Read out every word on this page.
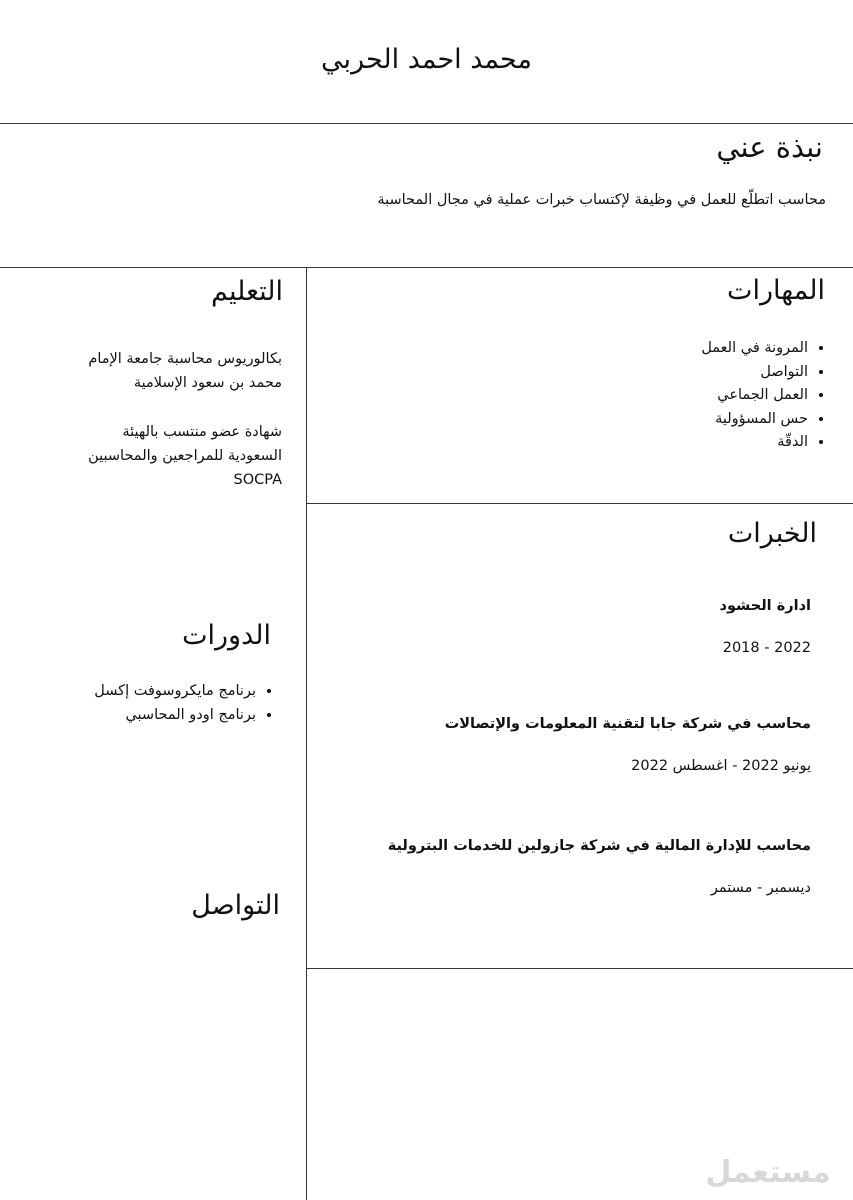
محمد احمد الحربي
نبذة عني
محاسب اتطلّع للعمل في وظيفة لإكتساب خبرات عملية في مجال المحاسبة
المهارات
• المرونة في العمل
• التواصل
• العمل الجماعي
• حس المسؤولية
• الدقّة
التعليم
بكالوريوس محاسبة جامعة الإمام
محمد بن سعود الإسلامية
شهادة عضو منتسب بالهيئة
السعودية للمراجعين والمحاسبين
SOCPA
الخبرات
ادارة الحشود
2022 - 2018
محاسب في شركة جابا لتقنية المعلومات والإتصالات
يونيو 2022 - اغسطس 2022
محاسب للإدارة المالية في شركة جازولين للخدمات البترولية
ديسمبر - مستمر
الدورات
• برنامج مايكروسوفت إكسل
• برنامج اودو المحاسبي
التواصل
مستعمل
